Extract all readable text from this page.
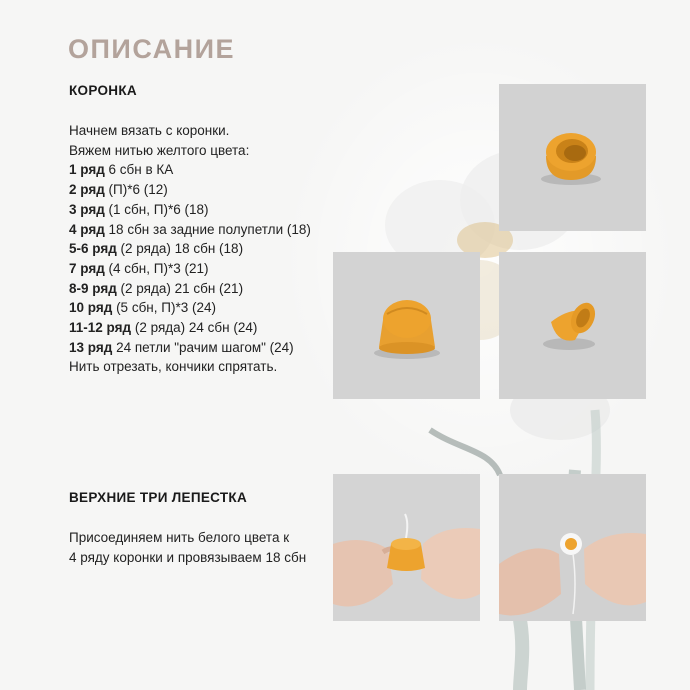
ОПИСАНИЕ
КОРОНКА
Начнем вязать с коронки.
Вяжем нитью желтого цвета:
1 ряд 6 сбн в КА
2 ряд (П)*6 (12)
3 ряд (1 сбн, П)*6 (18)
4 ряд 18 сбн за задние полупетли (18)
5-6 ряд (2 ряда) 18 сбн (18)
7 ряд (4 сбн, П)*3 (21)
8-9 ряд (2 ряда) 21 сбн (21)
10 ряд (5 сбн, П)*3 (24)
11-12 ряд (2 ряда) 24 сбн (24)
13 ряд 24 петли "рачим шагом" (24)
Нить отрезать, кончики спрятать.
ВЕРХНИЕ ТРИ ЛЕПЕСТКА
Присоединяем нить белого цвета к
4 ряду коронки и провязываем 18 сбн
